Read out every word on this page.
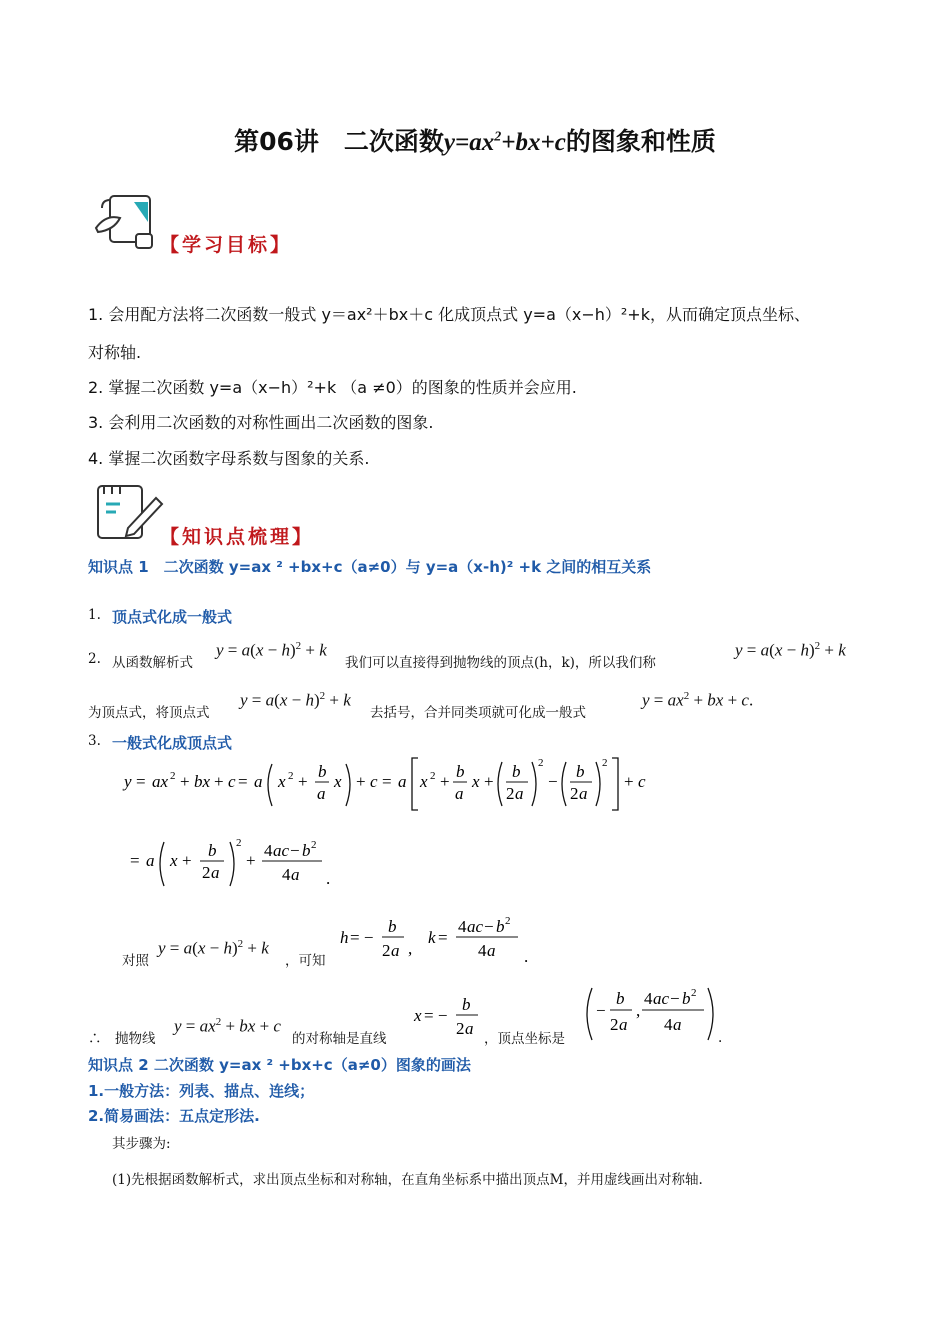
第06讲　二次函数$y=ax^2+bx+c$的图象和性质
【学习目标】
1. 会用配方法将二次函数一般式 y＝ax²＋bx＋c 化成顶点式 y=a（x−h）²+k，从而确定顶点坐标、
对称轴.
2. 掌握二次函数 y=a（x−h）²+k （a ≠0）的图象的性质并会应用.
3. 会利用二次函数的对称性画出二次函数的图象.
4. 掌握二次函数字母系数与图象的关系.
【知识点梳理】
知识点 1　二次函数 y=ax ² +bx+c（a≠0）与 y=a（x-h)² +k 之间的相互关系
1. 顶点式化成一般式
2. 从函数解析式
$y = a(x - h)^2 + k$
我们可以直接得到抛物线的顶点(h，k)，所以我们称
$y = a(x - h)^2 + k$
为顶点式，将顶点式
$y = a(x - h)^2 + k$
去括号，合并同类项就可化成一般式
$y = ax^2$ + bx + c.
3. 一般式化成顶点式
y = ax 2 + bx + c = a x 2 +
b
a
x + c = a x 2 +
b
a
x +
b
2 a
2
−
b
2 a
2
+ c
= a x +
b
2 a
2
+
4 ac − b 2
4 a .
对照
$y = a(x - h)^2 + k$
，可知
h = −
b
2 a ,
k =
4 ac − b 2
4 a .
∴　抛物线
$y = ax^2$ + bx + c
的对称轴是直线
x = −
b
2 a
，顶点坐标是
−
b
2 a
,
4 ac − b 2
4 a
.
知识点 2 二次函数 y=ax ² +bx+c（a≠0）图象的画法
1.一般方法：列表、描点、连线；
2.简易画法：五点定形法.
其步骤为:
(1)先根据函数解析式，求出顶点坐标和对称轴，在直角坐标系中描出顶点M，并用虚线画出对称轴.
